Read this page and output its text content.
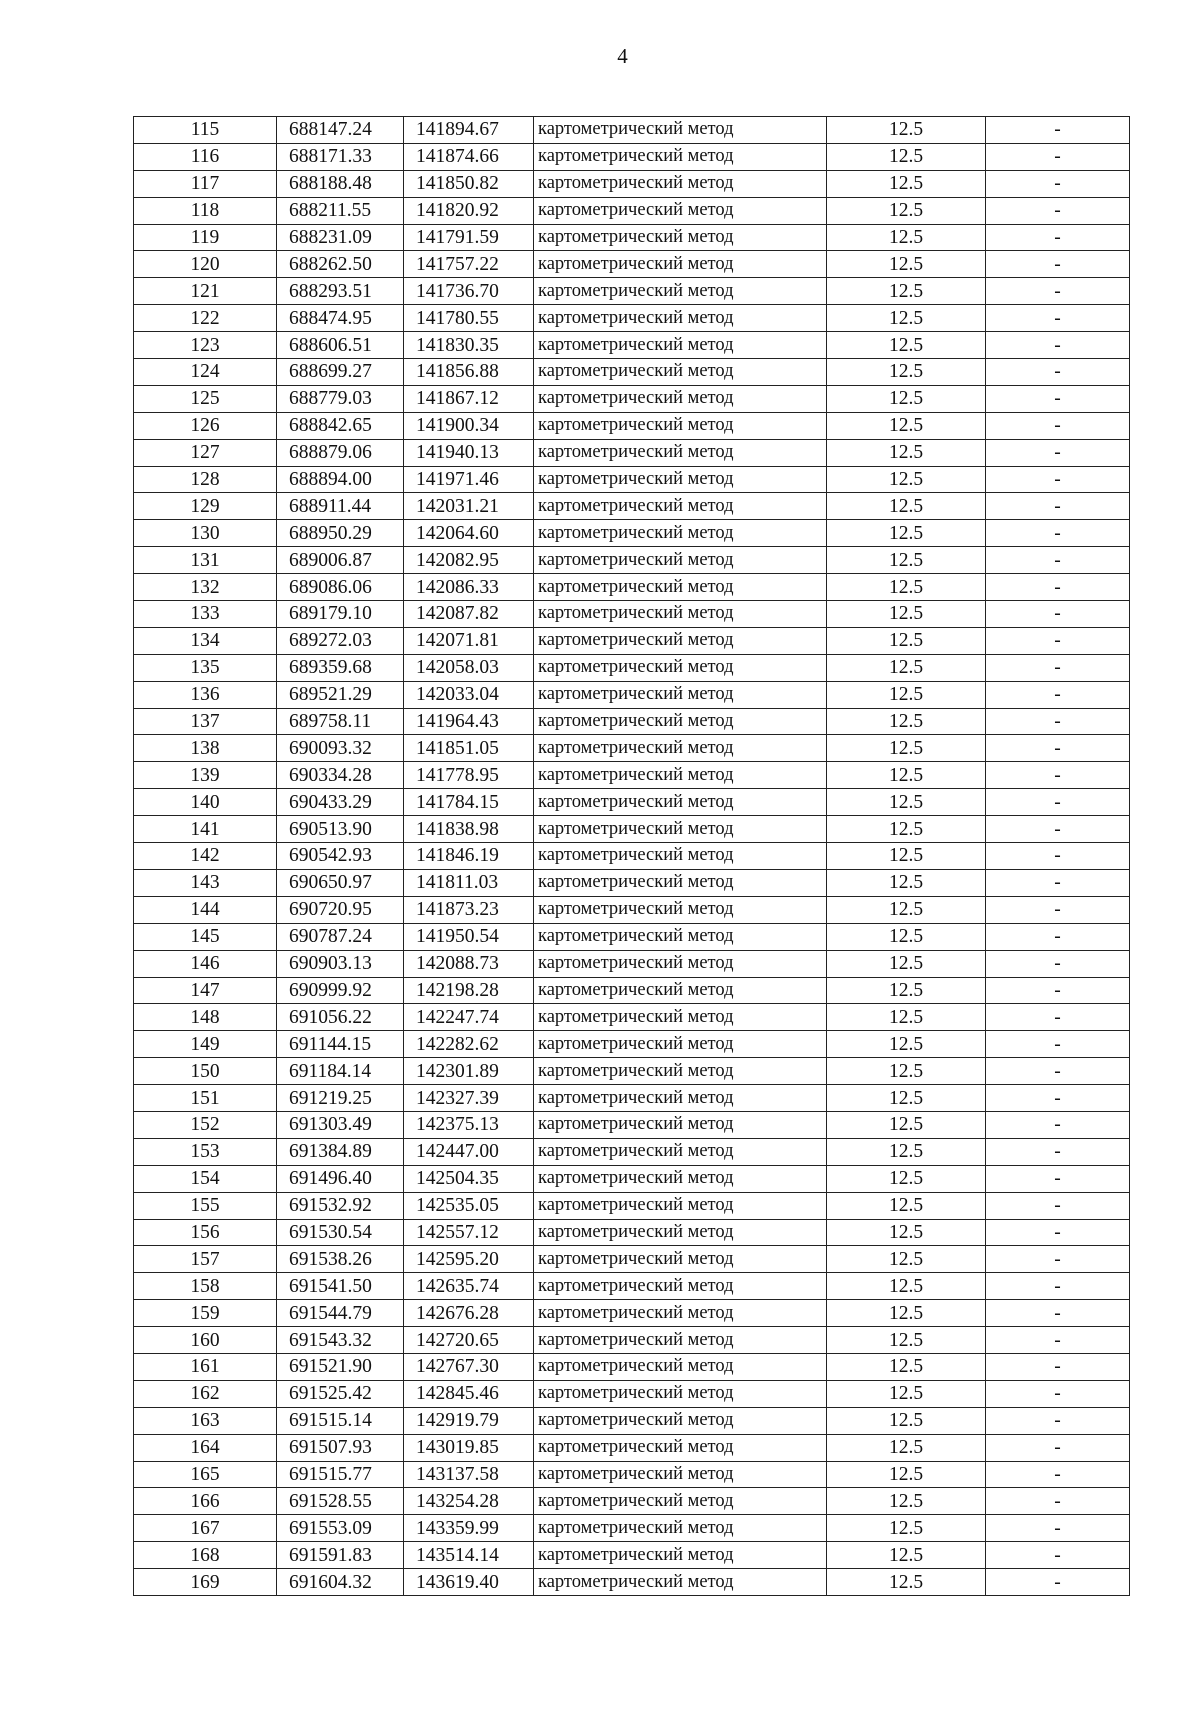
4
115	688147.24	141894.67	картометрический метод	12.5	-
116	688171.33	141874.66	картометрический метод	12.5	-
117	688188.48	141850.82	картометрический метод	12.5	-
118	688211.55	141820.92	картометрический метод	12.5	-
119	688231.09	141791.59	картометрический метод	12.5	-
120	688262.50	141757.22	картометрический метод	12.5	-
121	688293.51	141736.70	картометрический метод	12.5	-
122	688474.95	141780.55	картометрический метод	12.5	-
123	688606.51	141830.35	картометрический метод	12.5	-
124	688699.27	141856.88	картометрический метод	12.5	-
125	688779.03	141867.12	картометрический метод	12.5	-
126	688842.65	141900.34	картометрический метод	12.5	-
127	688879.06	141940.13	картометрический метод	12.5	-
128	688894.00	141971.46	картометрический метод	12.5	-
129	688911.44	142031.21	картометрический метод	12.5	-
130	688950.29	142064.60	картометрический метод	12.5	-
131	689006.87	142082.95	картометрический метод	12.5	-
132	689086.06	142086.33	картометрический метод	12.5	-
133	689179.10	142087.82	картометрический метод	12.5	-
134	689272.03	142071.81	картометрический метод	12.5	-
135	689359.68	142058.03	картометрический метод	12.5	-
136	689521.29	142033.04	картометрический метод	12.5	-
137	689758.11	141964.43	картометрический метод	12.5	-
138	690093.32	141851.05	картометрический метод	12.5	-
139	690334.28	141778.95	картометрический метод	12.5	-
140	690433.29	141784.15	картометрический метод	12.5	-
141	690513.90	141838.98	картометрический метод	12.5	-
142	690542.93	141846.19	картометрический метод	12.5	-
143	690650.97	141811.03	картометрический метод	12.5	-
144	690720.95	141873.23	картометрический метод	12.5	-
145	690787.24	141950.54	картометрический метод	12.5	-
146	690903.13	142088.73	картометрический метод	12.5	-
147	690999.92	142198.28	картометрический метод	12.5	-
148	691056.22	142247.74	картометрический метод	12.5	-
149	691144.15	142282.62	картометрический метод	12.5	-
150	691184.14	142301.89	картометрический метод	12.5	-
151	691219.25	142327.39	картометрический метод	12.5	-
152	691303.49	142375.13	картометрический метод	12.5	-
153	691384.89	142447.00	картометрический метод	12.5	-
154	691496.40	142504.35	картометрический метод	12.5	-
155	691532.92	142535.05	картометрический метод	12.5	-
156	691530.54	142557.12	картометрический метод	12.5	-
157	691538.26	142595.20	картометрический метод	12.5	-
158	691541.50	142635.74	картометрический метод	12.5	-
159	691544.79	142676.28	картометрический метод	12.5	-
160	691543.32	142720.65	картометрический метод	12.5	-
161	691521.90	142767.30	картометрический метод	12.5	-
162	691525.42	142845.46	картометрический метод	12.5	-
163	691515.14	142919.79	картометрический метод	12.5	-
164	691507.93	143019.85	картометрический метод	12.5	-
165	691515.77	143137.58	картометрический метод	12.5	-
166	691528.55	143254.28	картометрический метод	12.5	-
167	691553.09	143359.99	картометрический метод	12.5	-
168	691591.83	143514.14	картометрический метод	12.5	-
169	691604.32	143619.40	картометрический метод	12.5	-
